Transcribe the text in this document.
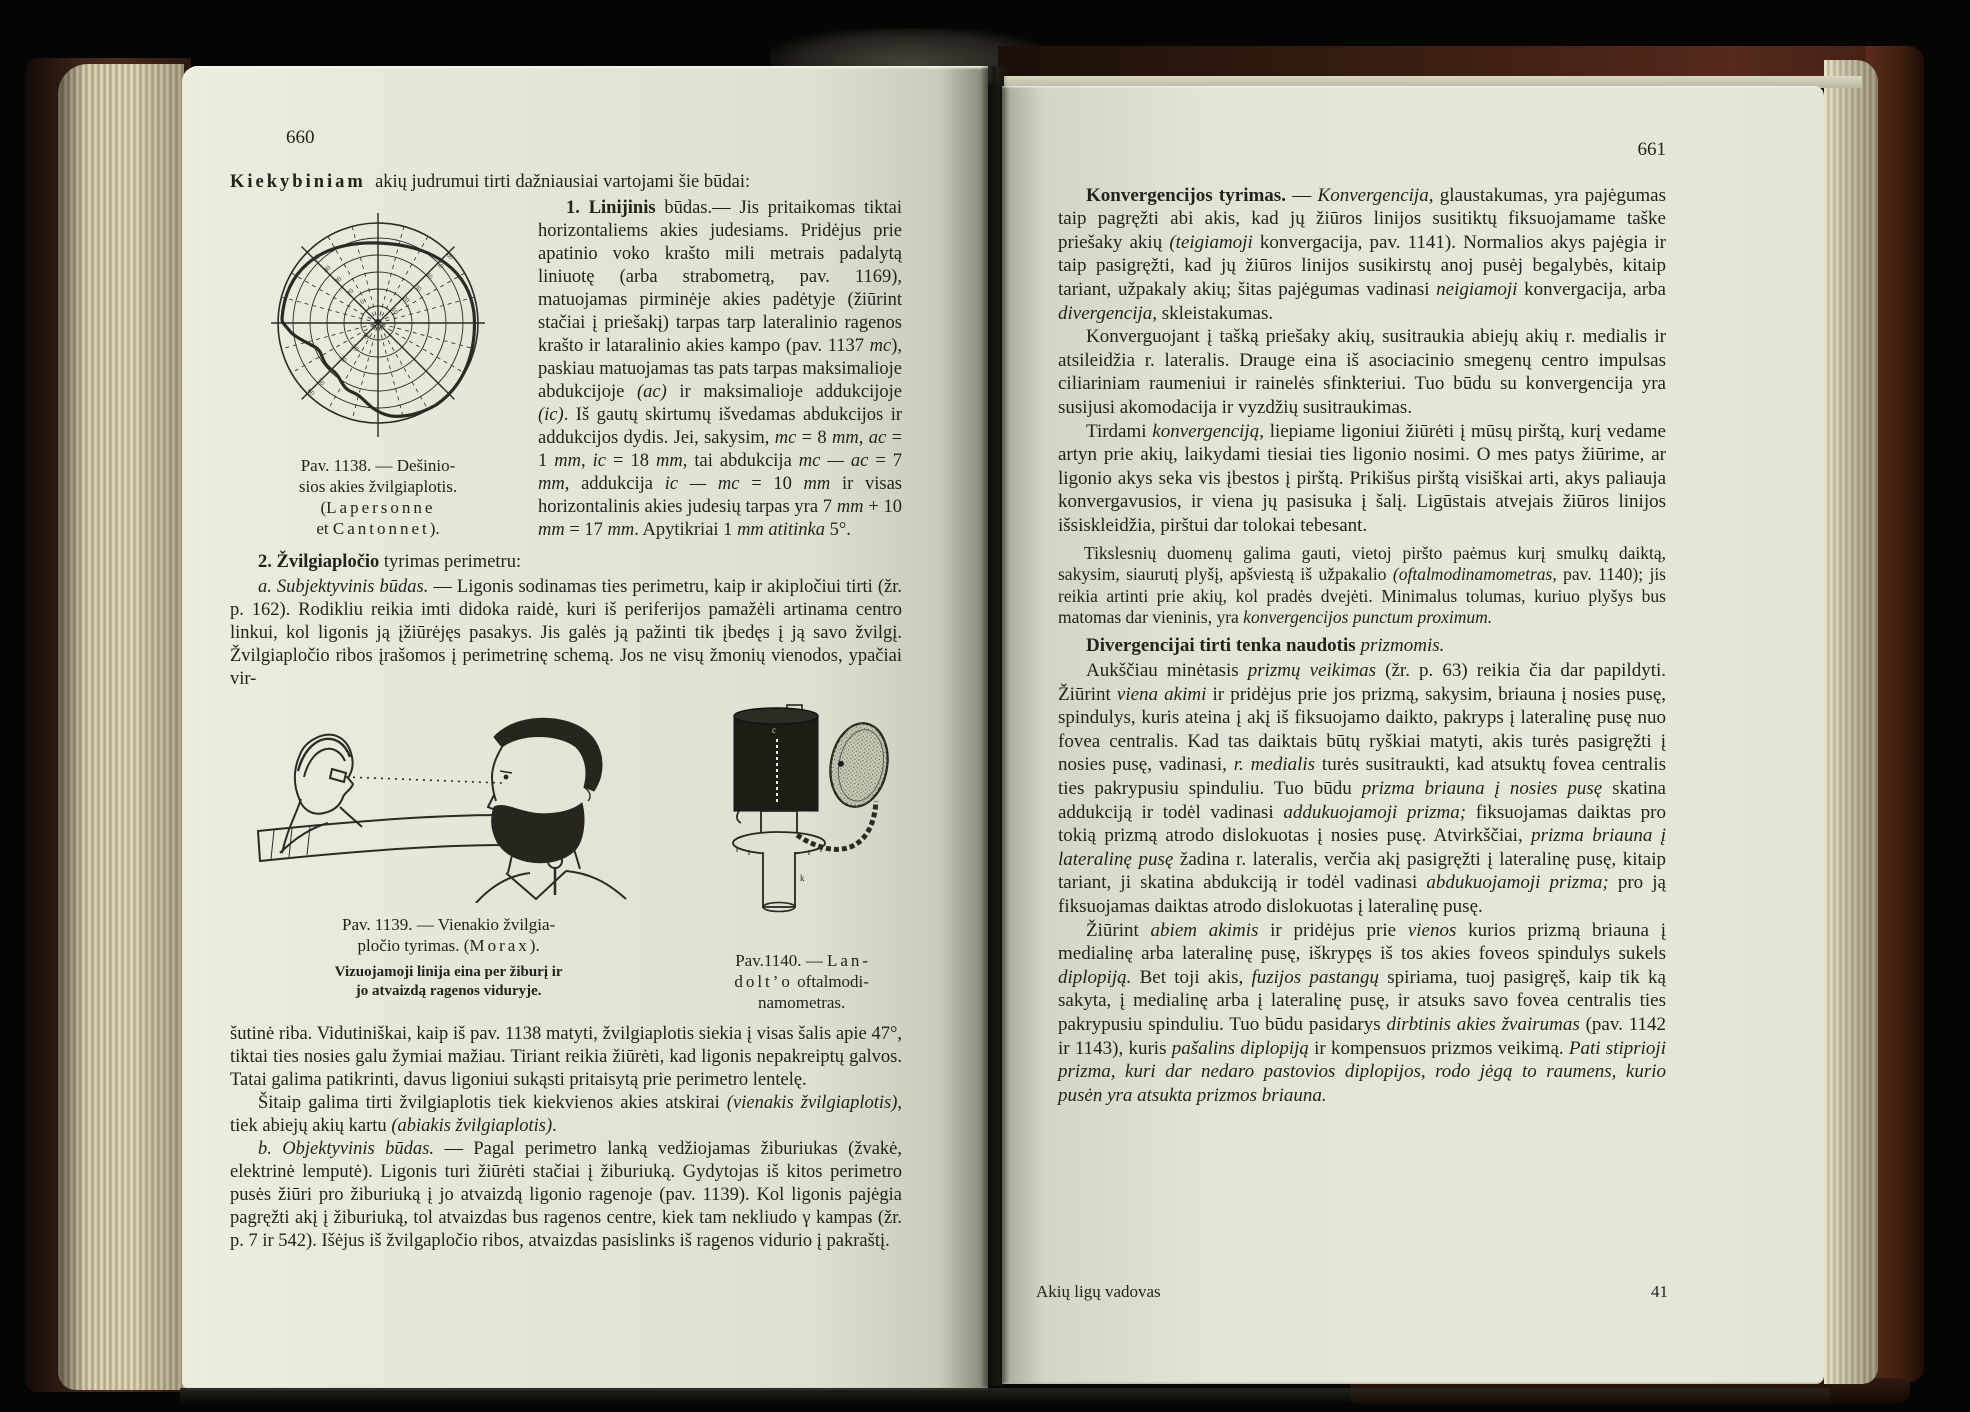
660

Kiekybiniam  akių judrumui tirti dažniausiai vartojami šie būdai:

10
20
30
40
50
60
10
20
30
40
50
60
10
20
30
40
50
Pav. 1138. — Dešinio-
sios akies žvilgiaplotis.
(Lapersonne
et Cantonnet).

1. Linijinis būdas.— Jis pritaikomas tiktai horizontaliems akies judesiams. Pridėjus prie apatinio voko krašto mili metrais padalytą liniuotę (arba strabometrą, pav. 1169), matuojamas pirminėje akies padėtyje (žiūrint stačiai į priešakį) tarpas tarp lateralinio ragenos krašto ir lataralinio akies kampo (pav. 1137 mc), paskiau matuojamas tas pats tarpas maksimalioje abdukcijoje (ac) ir maksimalioje addukcijoje (ic). Iš gautų skirtumų išvedamas abdukcijos ir addukcijos dydis. Jei, sakysim, mc = 8 mm, ac = 1 mm, ic = 18 mm, tai abdukcija mc — ac = 7 mm, addukcija ic — mc = 10 mm ir visas horizontalinis akies judesių tarpas yra 7 mm + 10 mm = 17 mm. Apytikriai 1 mm atitinka 5°.

2. Žvilgiapločio tyrimas perimetru:

a. Subjektyvinis būdas. — Ligonis sodinamas ties perimetru, kaip ir akipločiui tirti (žr. p. 162). Rodikliu reikia imti didoka raidė, kuri iš periferijos pamažėli artinama centro linkui, kol ligonis ją įžiūrėjęs pasakys. Jis galės ją pažinti tik įbedęs į ją savo žvilgį. Žvilgiapločio ribos įrašomos į perimetrinę schemą. Jos ne visų žmonių vienodos, ypačiai vir-

Pav. 1139. — Vienakio žvilgia-
pločio tyrimas. (Morax).
Vizuojamoji linija eina per žiburį ir
jo atvaizdą ragenos viduryje.
c
k
Pav.1140. — Lan-
dolt’o oftalmodi-
namometras.

šutinė riba. Vidutiniškai, kaip iš pav. 1138 matyti, žvilgiaplotis siekia į visas šalis apie 47°, tiktai ties nosies galu žymiai mažiau. Tiriant reikia žiūrėti, kad ligonis nepakreiptų galvos. Tatai galima patikrinti, davus ligoniui sukąsti pritaisytą prie perimetro lentelę.

Šitaip galima tirti žvilgiaplotis tiek kiekvienos akies atskirai (vienakis žvilgiaplotis), tiek abiejų akių kartu (abiakis žvilgiaplotis).

b. Objektyvinis būdas. — Pagal perimetro lanką vedžiojamas žiburiukas (žvakė, elektrinė lemputė). Ligonis turi žiūrėti stačiai į žiburiuką. Gydytojas iš kitos perimetro pusės žiūri pro žiburiuką į jo atvaizdą ligonio ragenoje (pav. 1139). Kol ligonis pajėgia pagręžti akį į žiburiuką, tol atvaizdas bus ragenos centre, kiek tam nekliudo γ kampas (žr. p. 7 ir 542). Išėjus iš žvilgapločio ribos, atvaizdas pasislinks iš ragenos vidurio į pakraštį.

661

Konvergencijos tyrimas. — Konvergencija, glaustakumas, yra pajėgumas taip pagręžti abi akis, kad jų žiūros linijos susitiktų fiksuojamame taške priešaky akių (teigiamoji konvergacija, pav. 1141). Normalios akys pajėgia ir taip pasigręžti, kad jų žiūros linijos susikirstų anoj pusėj begalybės, kitaip tariant, užpakaly akių; šitas pajėgumas vadinasi neigiamoji konvergacija, arba divergencija, skleistakumas.

Konverguojant į tašką priešaky akių, susitraukia abiejų akių r. medialis ir atsileidžia r. lateralis. Drauge eina iš asociacinio smegenų centro impulsas ciliariniam raumeniui ir rainelės sfinkteriui. Tuo būdu su konvergencija yra susijusi akomodacija ir vyzdžių susitraukimas.

Tirdami konvergenciją, liepiame ligoniui žiūrėti į mūsų pirštą, kurį vedame artyn prie akių, laikydami tiesiai ties ligonio nosimi. O mes patys žiūrime, ar ligonio akys seka vis įbestos į pirštą. Prikišus pirštą visiškai arti, akys paliauja konvergavusios, ir viena jų pasisuka į šalį. Ligūstais atvejais žiūros linijos išsiskleidžia, pirštui dar tolokai tebesant.

Tikslesnių duomenų galima gauti, vietoj piršto paėmus kurį smulkų daiktą, sakysim, siaurutį plyšį, apšviestą iš užpakalio (oftalmodinamometras, pav. 1140); jis reikia artinti prie akių, kol pradės dvejėti. Minimalus tolumas, kuriuo plyšys bus matomas dar vieninis, yra konvergencijos punctum proximum.

Divergencijai tirti tenka naudotis prizmomis.

Aukščiau minėtasis prizmų veikimas (žr. p. 63) reikia čia dar papildyti. Žiūrint viena akimi ir pridėjus prie jos prizmą, sakysim, briauna į nosies pusę, spindulys, kuris ateina į akį iš fiksuojamo daikto, pakryps į lateralinę pusę nuo fovea centralis. Kad tas daiktais būtų ryškiai matyti, akis turės pasigręžti į nosies pusę, vadinasi, r. medialis turės susitraukti, kad atsuktų fovea centralis ties pakrypusiu spinduliu. Tuo būdu prizma briauna į nosies pusę skatina addukciją ir todėl vadinasi addukuojamoji prizma; fiksuojamas daiktas pro tokią prizmą atrodo dislokuotas į nosies pusę. Atvirkščiai, prizma briauna į lateralinę pusę žadina r. lateralis, verčia akį pasigręžti į lateralinę pusę, kitaip tariant, ji skatina abdukciją ir todėl vadinasi abdukuojamoji prizma; pro ją fiksuojamas daiktas atrodo dislokuotas į lateralinę pusę.

Žiūrint abiem akimis ir pridėjus prie vienos kurios prizmą briauna į medialinę arba lateralinę pusę, iškrypęs iš tos akies foveos spindulys sukels diplopiją. Bet toji akis, fuzijos pastangų spiriama, tuoj pasigręš, kaip tik ką sakyta, į medialinę arba į lateralinę pusę, ir atsuks savo fovea centralis ties pakrypusiu spinduliu. Tuo būdu pasidarys dirbtinis akies žvairumas (pav. 1142 ir 1143), kuris pašalins diplopiją ir kompensuos prizmos veikimą. Pati stiprioji prizma, kuri dar nedaro pastovios diplopijos, rodo jėgą to raumens, kurio pusėn yra atsukta prizmos briauna.

Akių ligų vadovas	41
